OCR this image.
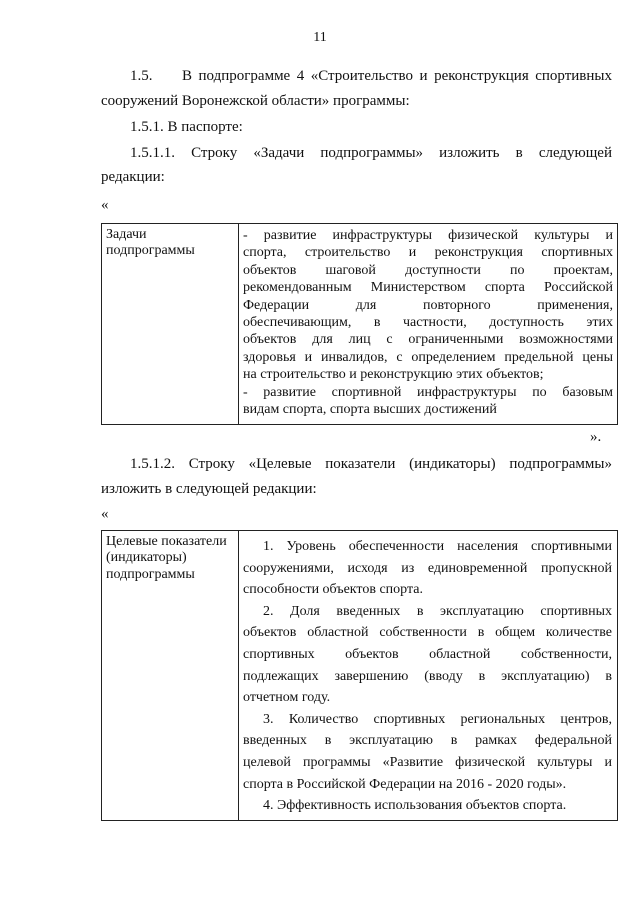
11
1.5. В подпрограмме 4 «Строительство и реконструкция спортивных
сооружений Воронежской области» программы:
1.5.1. В паспорте:
1.5.1.1. Строку «Задачи подпрограммы» изложить в следующей
редакции:
«
Задачи
подпрограммы

- развитие инфраструктуры физической культуры и
спорта, строительство и реконструкция спортивных
объектов шаговой доступности по проектам,
рекомендованным Министерством спорта Российской
Федерации для повторного применения,
обеспечивающим, в частности, доступность этих
объектов для лиц с ограниченными возможностями
здоровья и инвалидов, с определением предельной цены
на строительство и реконструкцию этих объектов;
- развитие спортивной инфраструктуры по базовым
видам спорта, спорта высших достижений
».
1.5.1.2. Строку «Целевые показатели (индикаторы) подпрограммы»
изложить в следующей редакции:
«
Целевые показатели
(индикаторы)
подпрограммы

1. Уровень обеспеченности населения спортивными
сооружениями, исходя из единовременной пропускной
способности объектов спорта.
2. Доля введенных в эксплуатацию спортивных
объектов областной собственности в общем количестве
спортивных объектов областной собственности,
подлежащих завершению (вводу в эксплуатацию) в
отчетном году.
3. Количество спортивных региональных центров,
введенных в эксплуатацию в рамках федеральной
целевой программы «Развитие физической культуры и
спорта в Российской Федерации на 2016 - 2020 годы».
4. Эффективность использования объектов спорта.
